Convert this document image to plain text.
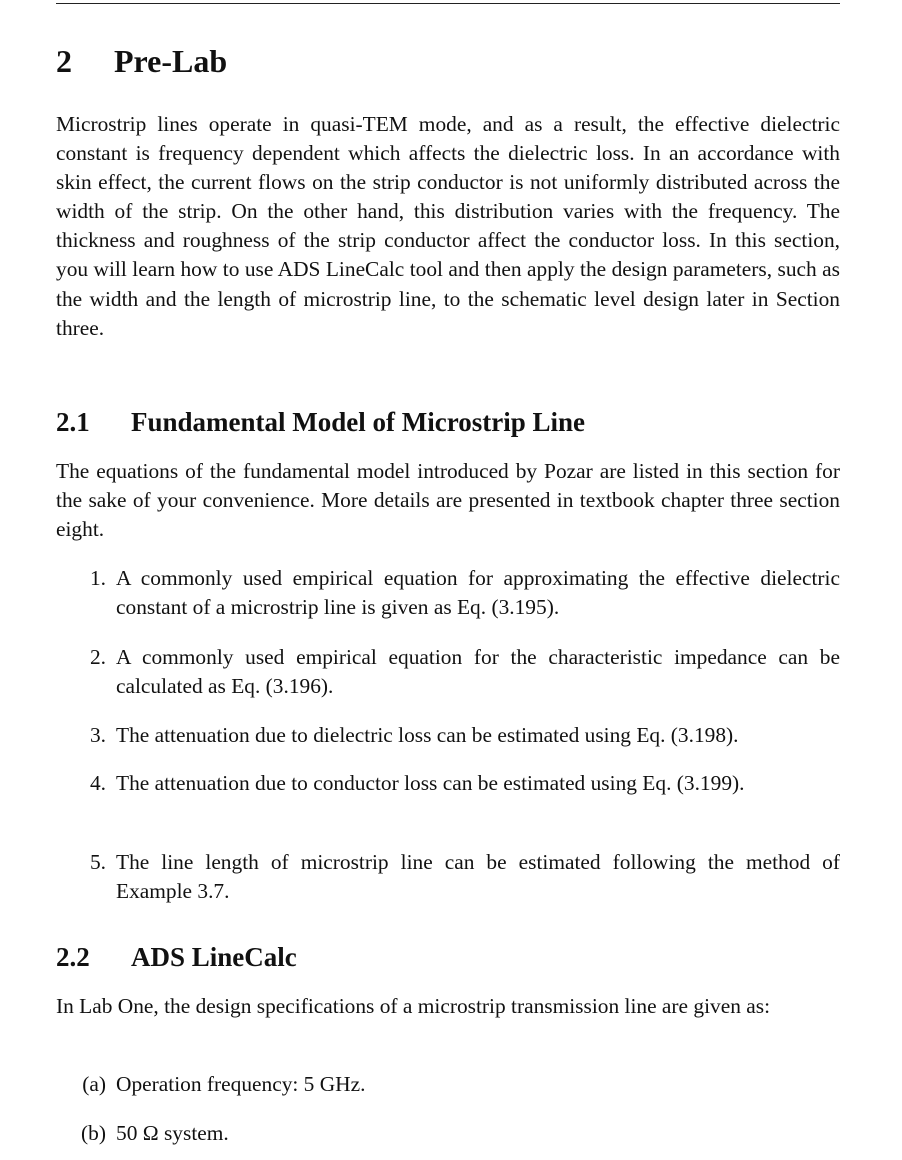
2 Pre-Lab

Microstrip lines operate in quasi-TEM mode, and as a result, the effective dielectric constant is frequency dependent which affects the dielectric loss. In an accordance with skin effect, the current flows on the strip conductor is not uniformly distributed across the width of the strip. On the other hand, this distribution varies with the frequency. The thickness and roughness of the strip conductor affect the conductor loss. In this section, you will learn how to use ADS LineCalc tool and then apply the design parameters, such as the width and the length of microstrip line, to the schematic level design later in Section three.

2.1 Fundamental Model of Microstrip Line

The equations of the fundamental model introduced by Pozar are listed in this section for the sake of your convenience. More details are presented in textbook chapter three section eight.

1. A commonly used empirical equation for approximating the effective dielectric constant of a microstrip line is given as Eq. (3.195).
2. A commonly used empirical equation for the characteristic impedance can be calculated as Eq. (3.196).
3. The attenuation due to dielectric loss can be estimated using Eq. (3.198).
4. The attenuation due to conductor loss can be estimated using Eq. (3.199).
5. The line length of microstrip line can be estimated following the method of Example 3.7.
2.2 ADS LineCalc

In Lab One, the design specifications of a microstrip transmission line are given as:

(a) Operation frequency: 5 GHz.
(b) 50 Ω system.
